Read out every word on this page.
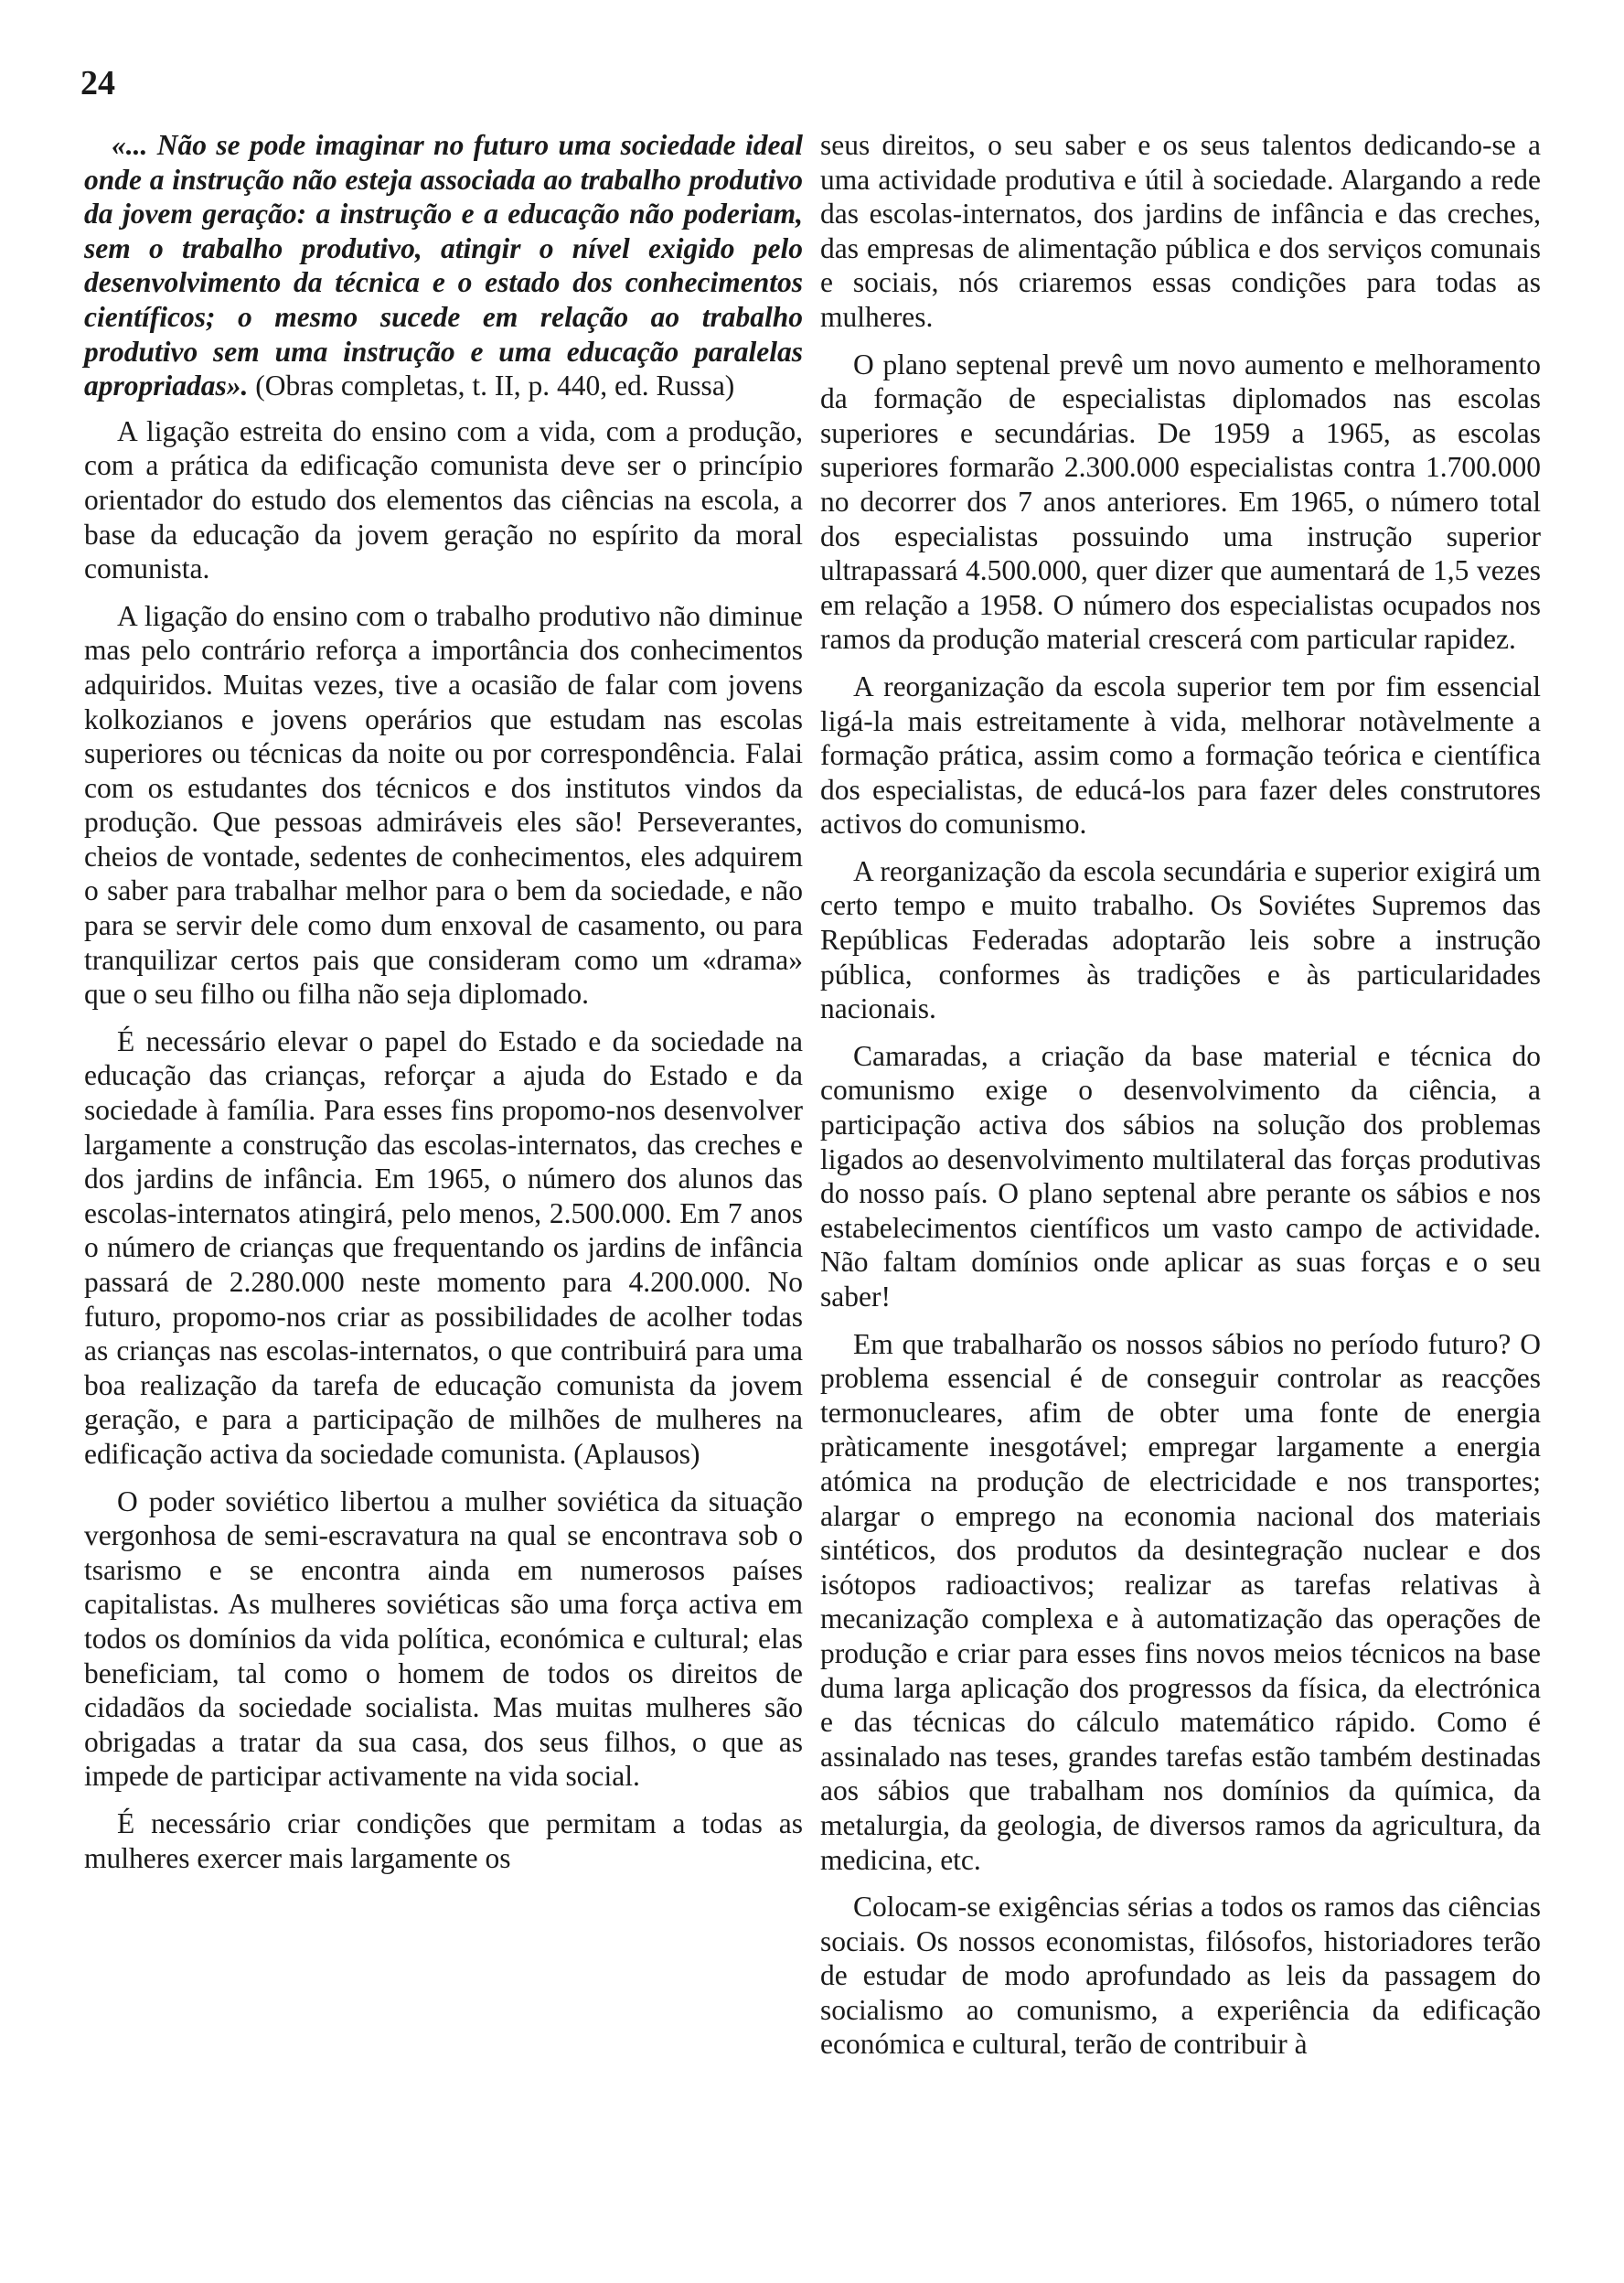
24

«... Não se pode imaginar no futuro uma sociedade ideal onde a instrução não esteja associada ao trabalho produtivo da jovem geração: a instrução e a educação não poderiam, sem o trabalho produtivo, atingir o nível exigido pelo desenvolvimento da técnica e o estado dos conhecimentos científicos; o mesmo sucede em relação ao trabalho produtivo sem uma instrução e uma educação paralelas apropriadas». (Obras completas, t. II, p. 440, ed. Russa)

A ligação estreita do ensino com a vida, com a produção, com a prática da edificação comunista deve ser o princípio orientador do estudo dos elementos das ciências na escola, a base da educação da jovem geração no espírito da moral comunista.

A ligação do ensino com o trabalho produtivo não diminue mas pelo contrário reforça a importância dos conhecimentos adquiridos. Muitas vezes, tive a ocasião de falar com jovens kolkozianos e jovens operários que estudam nas escolas superiores ou técnicas da noite ou por correspondência. Falai com os estudantes dos técnicos e dos institutos vindos da produção. Que pessoas admiráveis eles são! Perseverantes, cheios de vontade, sedentes de conhecimentos, eles adquirem o saber para trabalhar melhor para o bem da sociedade, e não para se servir dele como dum enxoval de casamento, ou para tranquilizar certos pais que consideram como um «drama» que o seu filho ou filha não seja diplomado.

É necessário elevar o papel do Estado e da sociedade na educação das crianças, reforçar a ajuda do Estado e da sociedade à família. Para esses fins propomo-nos desenvolver largamente a construção das escolas-internatos, das creches e dos jardins de infância. Em 1965, o número dos alunos das escolas-internatos atingirá, pelo menos, 2.500.000. Em 7 anos o número de crianças que frequentando os jardins de infância passará de 2.280.000 neste momento para 4.200.000. No futuro, propomo-nos criar as possibilidades de acolher todas as crianças nas escolas-internatos, o que contribuirá para uma boa realização da tarefa de educação comunista da jovem geração, e para a participação de milhões de mulheres na edificação activa da sociedade comunista. (Aplausos)

O poder soviético libertou a mulher soviética da situação vergonhosa de semi-escravatura na qual se encontrava sob o tsarismo e se encontra ainda em numerosos países capitalistas. As mulheres soviéticas são uma força activa em todos os domínios da vida política, económica e cultural; elas beneficiam, tal como o homem de todos os direitos de cidadãos da sociedade socialista. Mas muitas mulheres são obrigadas a tratar da sua casa, dos seus filhos, o que as impede de participar activamente na vida social.

É necessário criar condições que permitam a todas as mulheres exercer mais largamente os

seus direitos, o seu saber e os seus talentos dedicando-se a uma actividade produtiva e útil à sociedade. Alargando a rede das escolas-internatos, dos jardins de infância e das creches, das empresas de alimentação pública e dos serviços comunais e sociais, nós criaremos essas condições para todas as mulheres.

O plano septenal prevê um novo aumento e melhoramento da formação de especialistas diplomados nas escolas superiores e secundárias. De 1959 a 1965, as escolas superiores formarão 2.300.000 especialistas contra 1.700.000 no decorrer dos 7 anos anteriores. Em 1965, o número total dos especialistas possuindo uma instrução superior ultrapassará 4.500.000, quer dizer que aumentará de 1,5 vezes em relação a 1958. O número dos especialistas ocupados nos ramos da produção material crescerá com particular rapidez.

A reorganização da escola superior tem por fim essencial ligá-la mais estreitamente à vida, melhorar notàvelmente a formação prática, assim como a formação teórica e científica dos especialistas, de educá-los para fazer deles construtores activos do comunismo.

A reorganização da escola secundária e superior exigirá um certo tempo e muito trabalho. Os Soviétes Supremos das Repúblicas Federadas adoptarão leis sobre a instrução pública, conformes às tradições e às particularidades nacionais.

Camaradas, a criação da base material e técnica do comunismo exige o desenvolvimento da ciência, a participação activa dos sábios na solução dos problemas ligados ao desenvolvimento multilateral das forças produtivas do nosso país. O plano septenal abre perante os sábios e nos estabelecimentos científicos um vasto campo de actividade. Não faltam domínios onde aplicar as suas forças e o seu saber!

Em que trabalharão os nossos sábios no período futuro? O problema essencial é de conseguir controlar as reacções termonucleares, afim de obter uma fonte de energia pràticamente inesgotável; empregar largamente a energia atómica na produção de electricidade e nos transportes; alargar o emprego na economia nacional dos materiais sintéticos, dos produtos da desintegração nuclear e dos isótopos radioactivos; realizar as tarefas relativas à mecanização complexa e à automatização das operações de produção e criar para esses fins novos meios técnicos na base duma larga aplicação dos progressos da física, da electrónica e das técnicas do cálculo matemático rápido. Como é assinalado nas teses, grandes tarefas estão também destinadas aos sábios que trabalham nos domínios da química, da metalurgia, da geologia, de diversos ramos da agricultura, da medicina, etc.

Colocam-se exigências sérias a todos os ramos das ciências sociais. Os nossos economistas, filósofos, historiadores terão de estudar de modo aprofundado as leis da passagem do socialismo ao comunismo, a experiência da edificação económica e cultural, terão de contribuir à
